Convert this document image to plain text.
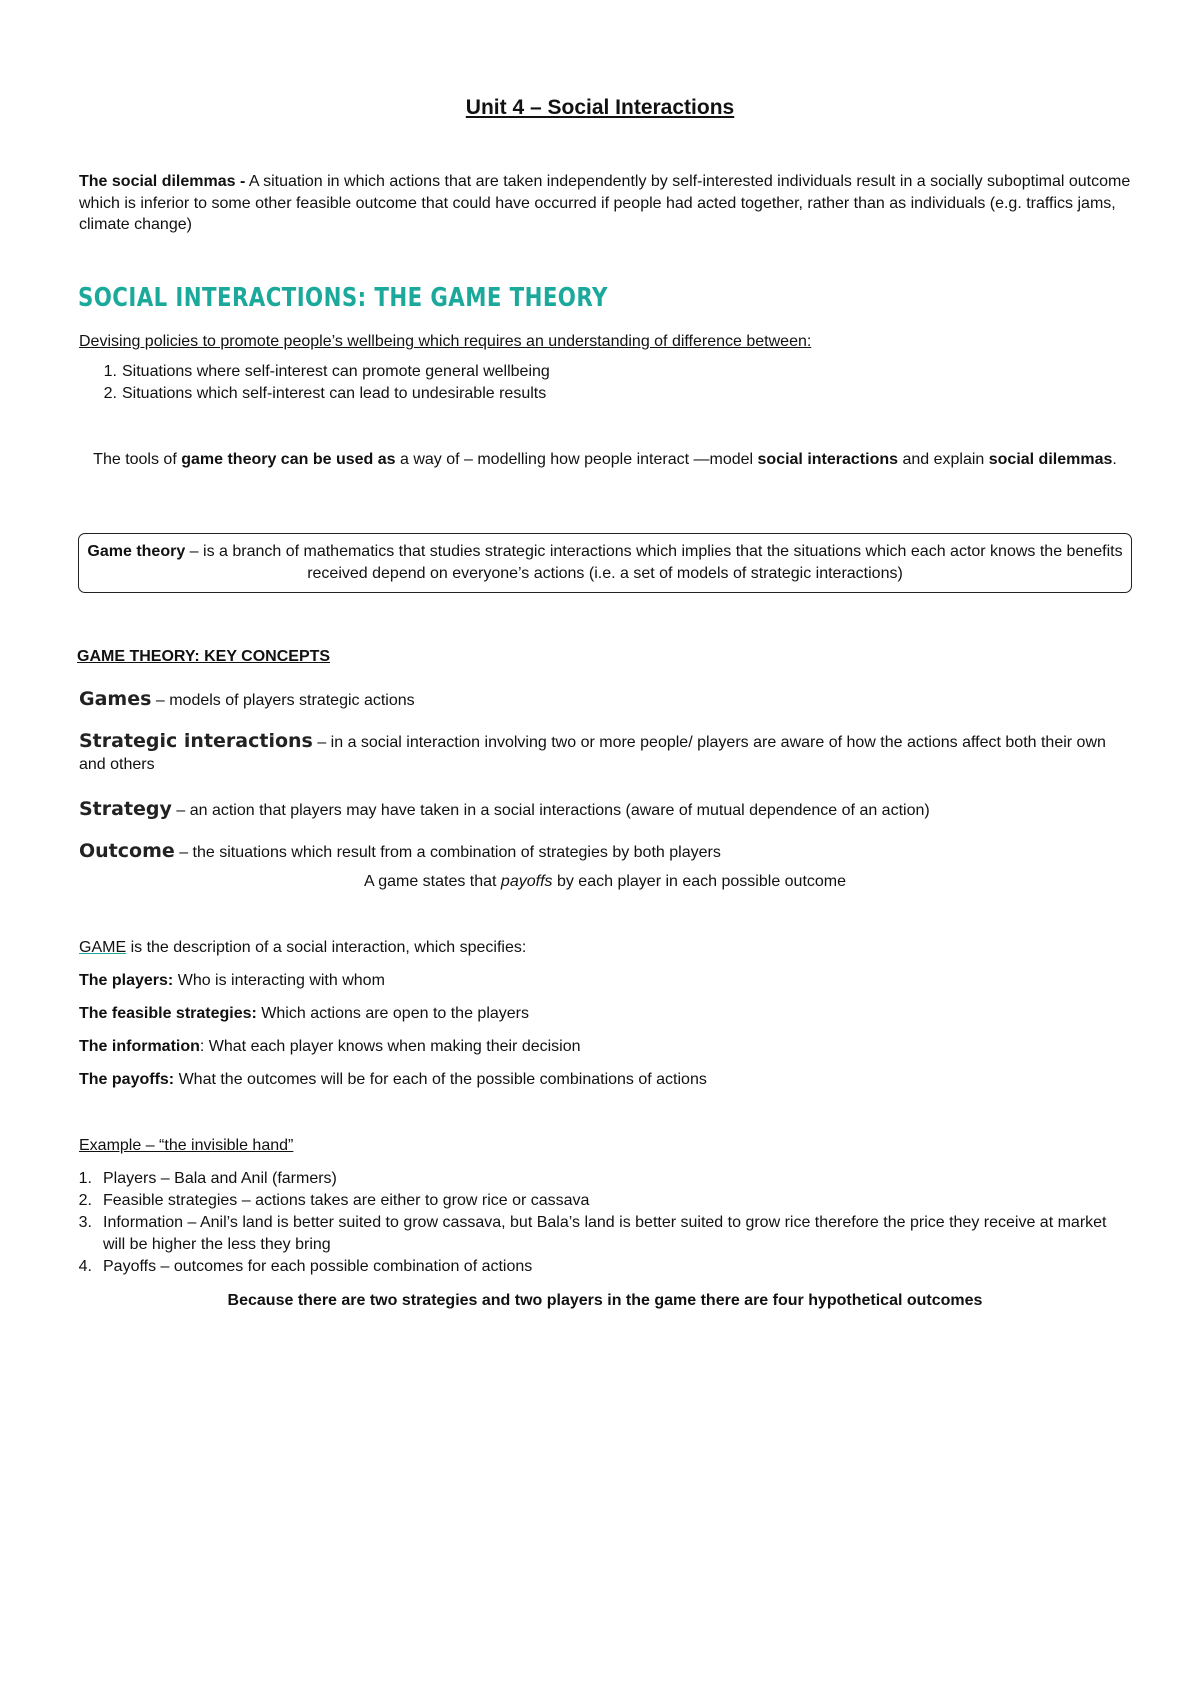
Unit 4 – Social Interactions
The social dilemmas - A situation in which actions that are taken independently by self-interested individuals result in a socially suboptimal outcome which is inferior to some other feasible outcome that could have occurred if people had acted together, rather than as individuals (e.g. traffics jams, climate change)
SOCIAL INTERACTIONS: THE GAME THEORY
Devising policies to promote people’s wellbeing which requires an understanding of difference between:
1. Situations where self-interest can promote general wellbeing
2. Situations which self-interest can lead to undesirable results
The tools of game theory can be used as a way of – modelling how people interact —model social interactions and explain social dilemmas.
Game theory – is a branch of mathematics that studies strategic interactions which implies that the situations which each actor knows the benefits received depend on everyone’s actions (i.e. a set of models of strategic interactions)
GAME THEORY: KEY CONCEPTS
Games – models of players strategic actions
Strategic interactions – in a social interaction involving two or more people/ players are aware of how the actions affect both their own and others
Strategy – an action that players may have taken in a social interactions (aware of mutual dependence of an action)
Outcome – the situations which result from a combination of strategies by both players
A game states that payoffs by each player in each possible outcome
GAME is the description of a social interaction, which specifies:
The players: Who is interacting with whom
The feasible strategies: Which actions are open to the players
The information: What each player knows when making their decision
The payoffs: What the outcomes will be for each of the possible combinations of actions
Example – “the invisible hand”
1. Players – Bala and Anil (farmers)
2. Feasible strategies – actions takes are either to grow rice or cassava
3. Information – Anil’s land is better suited to grow cassava, but Bala’s land is better suited to grow rice therefore the price they receive at market will be higher the less they bring
4. Payoffs – outcomes for each possible combination of actions
Because there are two strategies and two players in the game there are four hypothetical outcomes
